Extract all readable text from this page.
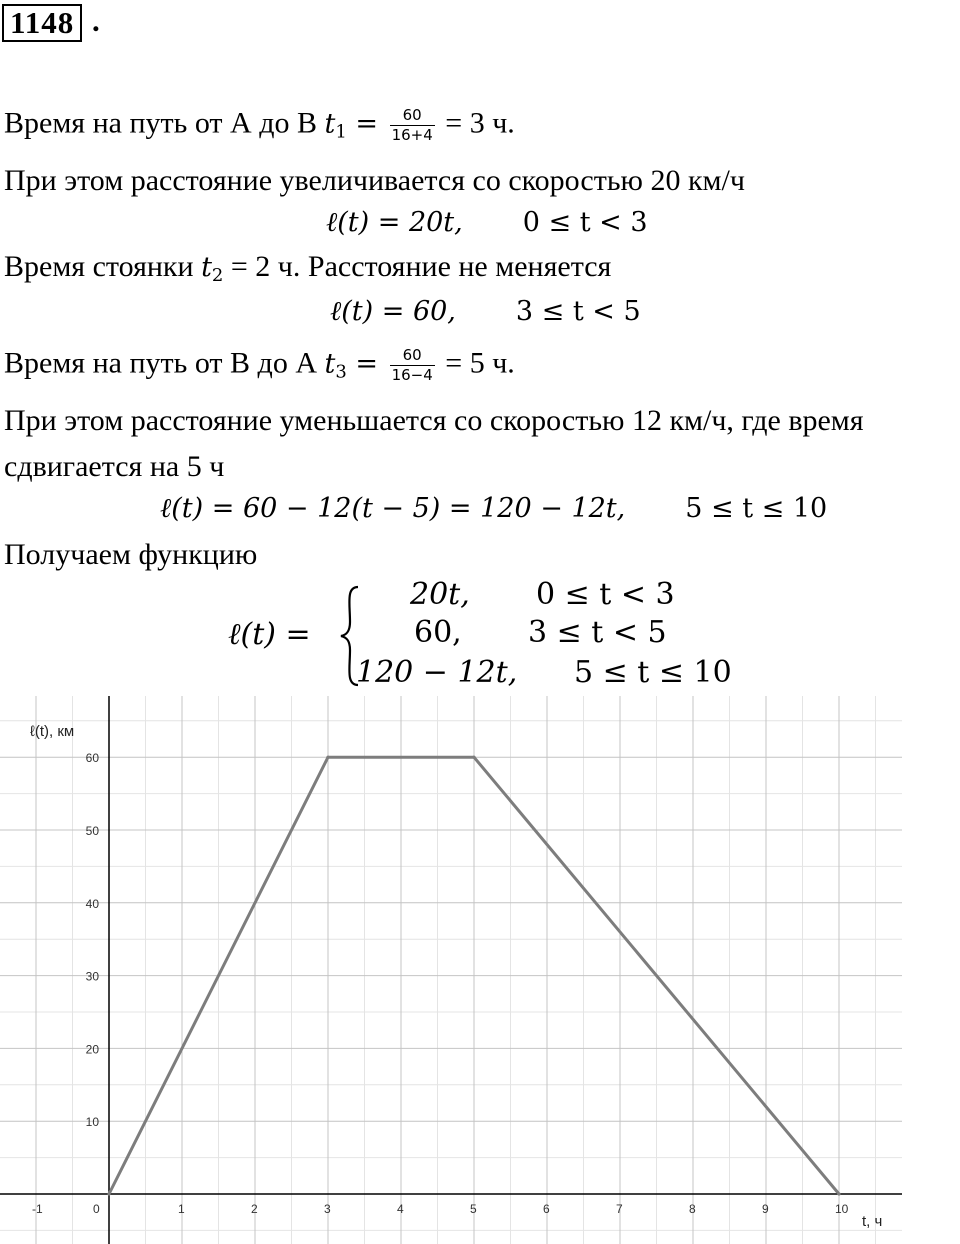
1148 .
Время на путь от А до В $t_1 = \frac{60}{16+4} = 3$ ч.
При этом расстояние увеличивается со скоростью 20 км/ч
ℓ(t) = 20t, 0 ≤ t < 3
Время стоянки $t_2 = 2$ ч. Расстояние не меняется
ℓ(t) = 60, 3 ≤ t < 5
Время на путь от В до А $t_3 = \frac{60}{16-4} = 5$ ч.
При этом расстояние уменьшается со скоростью 12 км/ч, где время
сдвигается на 5 ч
ℓ(t) = 60 − 12(t − 5) = 120 − 12t, 5 ≤ t ≤ 10
Получаем функцию
ℓ(t) =
20t, 0 ≤ t < 3
60, 3 ≤ t < 5
120 − 12t, 5 ≤ t ≤ 10
-1	0	1	2	3	4	5	6	7	8	9	10
10
20
30
40
50
60
t, ч
ℓ(t), км
